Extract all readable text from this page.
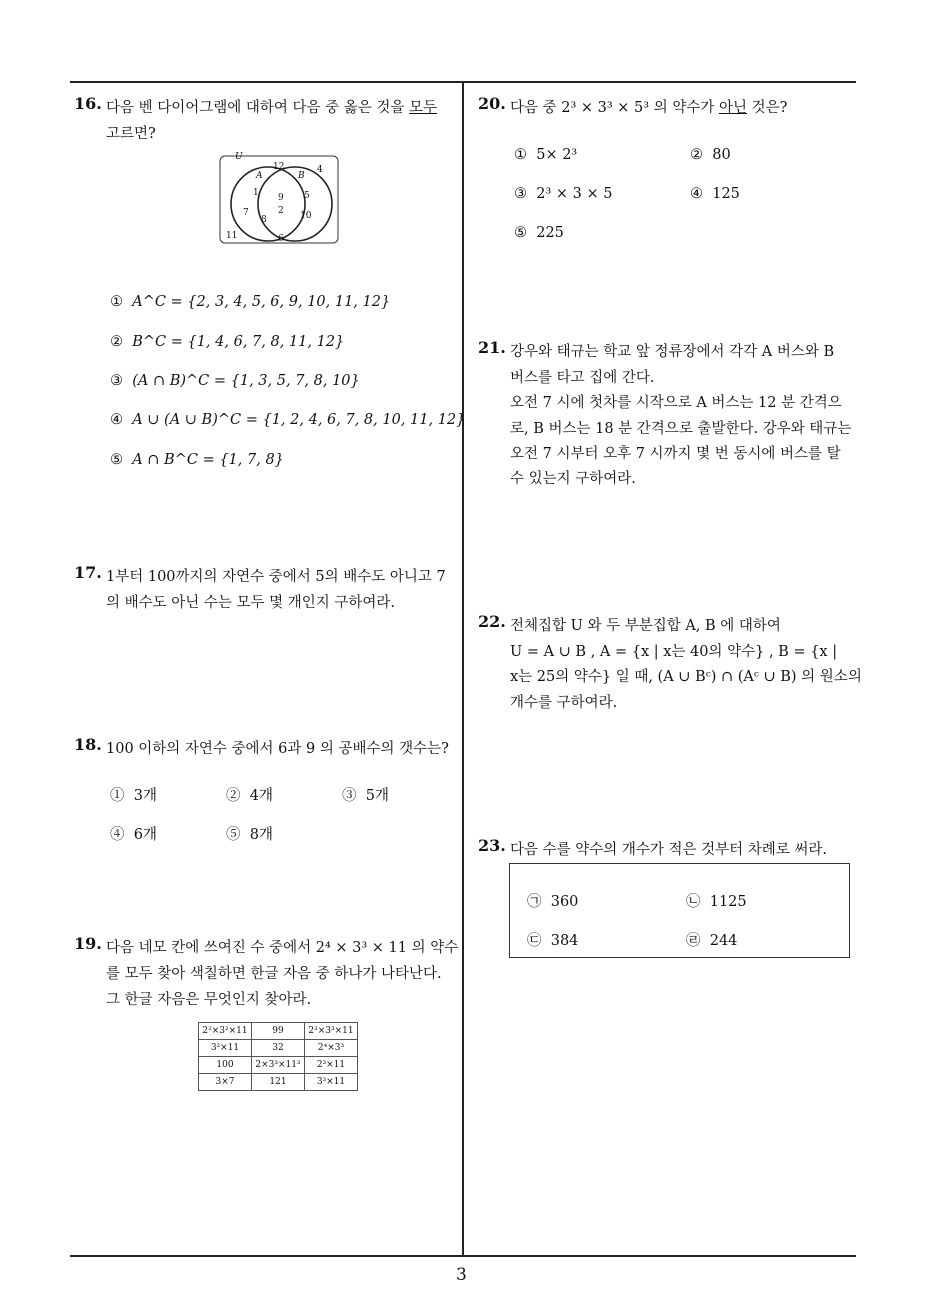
3
16. 다음 벤 다이어그램에 대하여 다음 중 옳은 것을 모두
고르면?
U
A	B
12	4
1 9 5
7	2
8	10
11	6
① A^C = {2, 3, 4, 5, 6, 9, 10, 11, 12}
② B^C = {1, 4, 6, 7, 8, 11, 12}
③ (A ∩ B)^C = {1, 3, 5, 7, 8, 10}
④ A ∪ (A ∪ B)^C = {1, 2, 4, 6, 7, 8, 10, 11, 12}
⑤ A ∩ B^C = {1, 7, 8}
17. 1부터 100까지의 자연수 중에서 5의 배수도 아니고 7
의 배수도 아닌 수는 모두 몇 개인지 구하여라.
18. 100 이하의 자연수 중에서 6과 9 의 공배수의 갯수는?
① 3개	② 4개	③ 5개
④ 6개	⑤ 8개
19. 다음 네모 칸에 쓰여진 수 중에서 2⁴ × 3³ × 11 의 약수
를 모두 찾아 색칠하면 한글 자음 중 하나가 나타난다.
그 한글 자음은 무엇인지 찾아라.
2²×3²×11	99	2²×3³×11
3²×11	32	2⁴×3³
100	2×3³×11²	2³×11
3×7	121	3³×11
20. 다음 중 2³ × 3³ × 5³ 의 약수가 아닌 것은?
① 5× 2³	② 80
③ 2³ × 3 × 5	④ 125
⑤ 225
21. 강우와 태규는 학교 앞 정류장에서 각각 A 버스와 B
버스를 타고 집에 간다.
오전 7 시에 첫차를 시작으로 A 버스는 12 분 간격으
로, B 버스는 18 분 간격으로 출발한다. 강우와 태규는
오전 7 시부터 오후 7 시까지 몇 번 동시에 버스를 탈
수 있는지 구하여라.
22. 전체집합 U 와 두 부분집합 A, B 에 대하여
U = A ∪ B , A = {x | x는 40의 약수} , B = {x |
x는 25의 약수} 일 때, (A ∪ Bᶜ) ∩ (Aᶜ ∪ B) 의 원소의
개수를 구하여라.
23. 다음 수를 약수의 개수가 적은 것부터 차례로 써라.
㉠ 360	㉡ 1125
㉢ 384	㉣ 244
